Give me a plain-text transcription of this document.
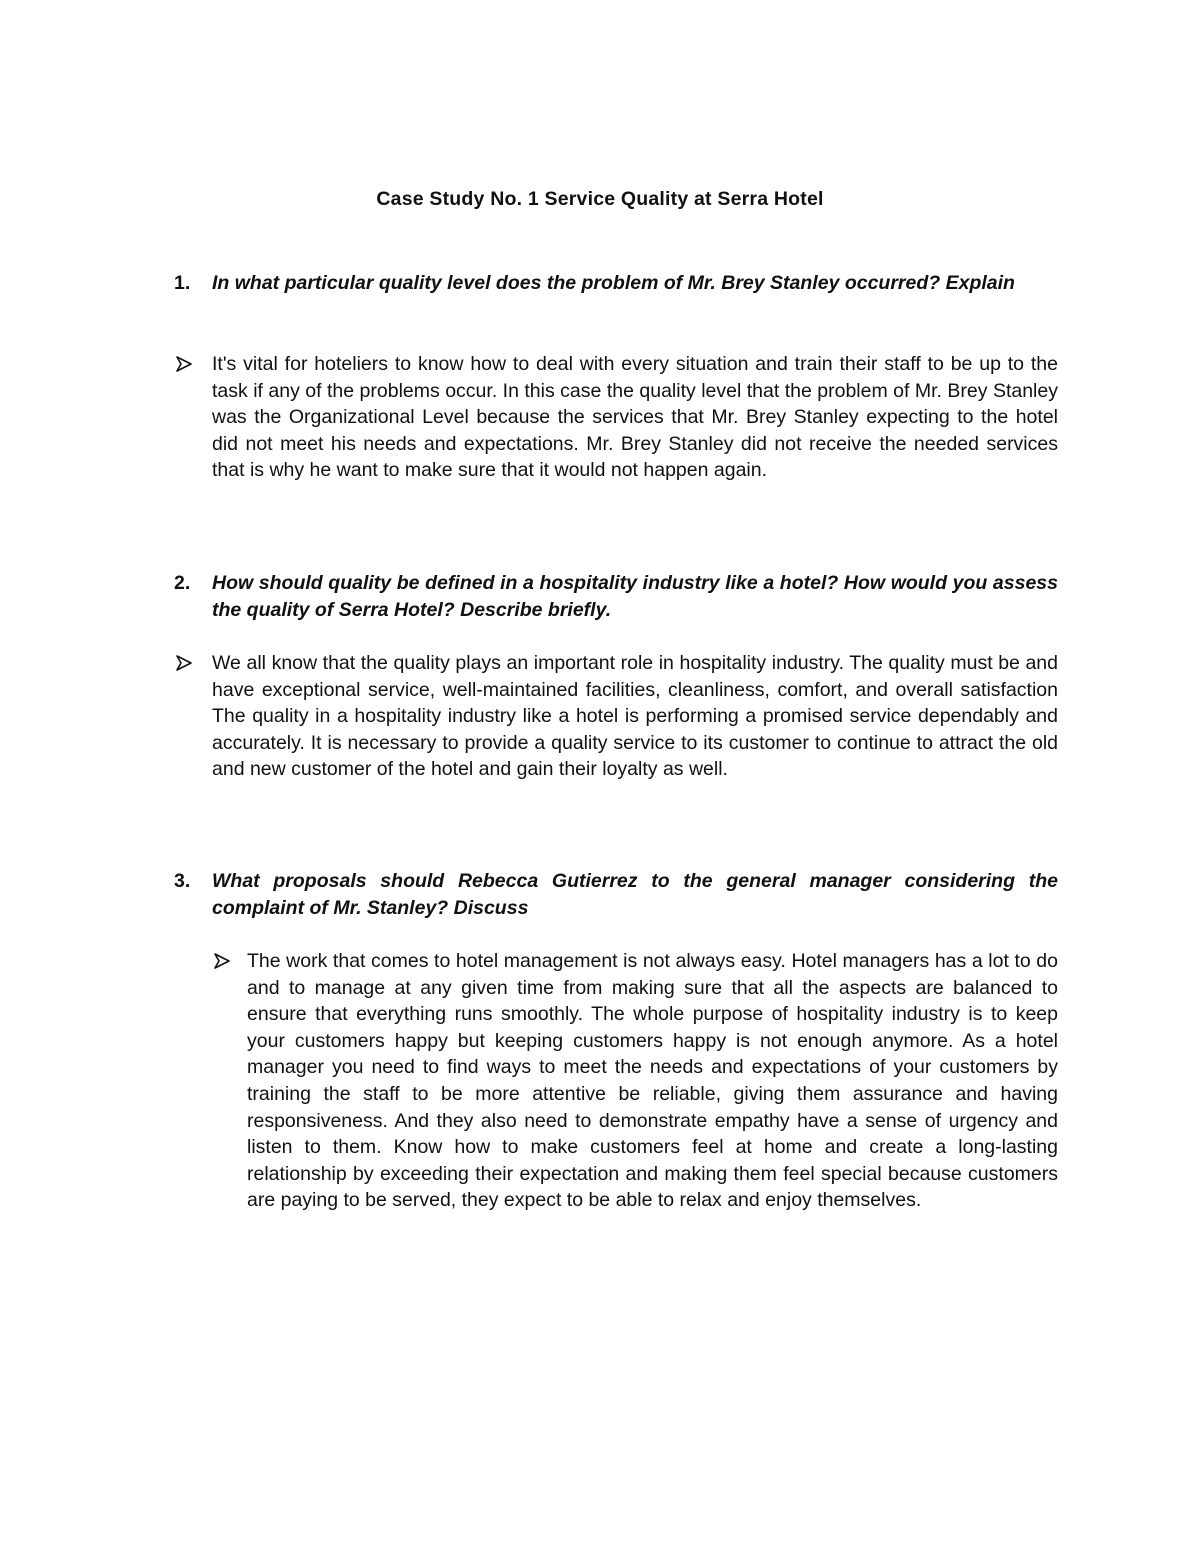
Case Study No. 1 Service Quality at Serra Hotel
1. In what particular quality level does the problem of Mr. Brey Stanley occurred? Explain
It's vital for hoteliers to know how to deal with every situation and train their staff to be up to the task if any of the problems occur. In this case the quality level that the problem of Mr. Brey Stanley was the Organizational Level because the services that Mr. Brey Stanley expecting to the hotel did not meet his needs and expectations. Mr. Brey Stanley did not receive the needed services that is why he want to make sure that it would not happen again.
2. How should quality be defined in a hospitality industry like a hotel? How would you assess the quality of Serra Hotel? Describe briefly.
We all know that the quality plays an important role in hospitality industry. The quality must be and have exceptional service, well-maintained facilities, cleanliness, comfort, and overall satisfaction The quality in a hospitality industry like a hotel is performing a promised service dependably and accurately. It is necessary to provide a quality service to its customer to continue to attract the old and new customer of the hotel and gain their loyalty as well.
3. What proposals should Rebecca Gutierrez to the general manager considering the complaint of Mr. Stanley? Discuss
The work that comes to hotel management is not always easy. Hotel managers has a lot to do and to manage at any given time from making sure that all the aspects are balanced to ensure that everything runs smoothly. The whole purpose of hospitality industry is to keep your customers happy but keeping customers happy is not enough anymore. As a hotel manager you need to find ways to meet the needs and expectations of your customers by training the staff to be more attentive be reliable, giving them assurance and having responsiveness. And they also need to demonstrate empathy have a sense of urgency and listen to them. Know how to make customers feel at home and create a long-lasting relationship by exceeding their expectation and making them feel special because customers are paying to be served, they expect to be able to relax and enjoy themselves.
